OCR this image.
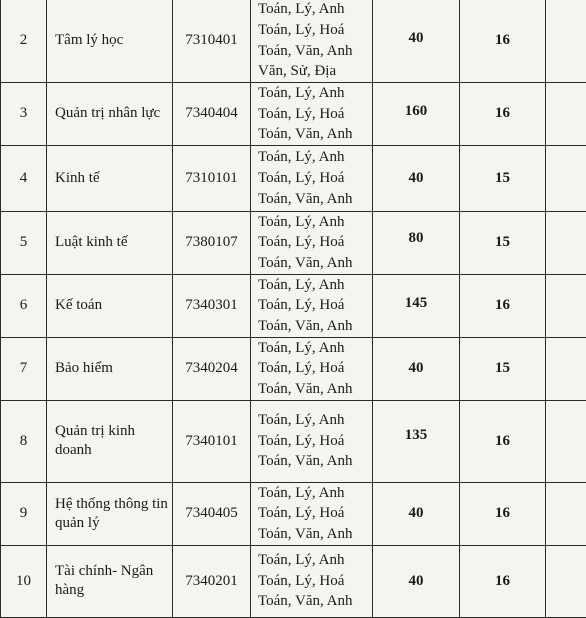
2	Tâm lý học	7310401	Toán, Lý, Anh
Toán, Lý, Hoá
Toán, Văn, Anh
Văn, Sử, Địa	40	16	
3	Quản trị nhân lực	7340404	Toán, Lý, Anh
Toán, Lý, Hoá
Toán, Văn, Anh	160	16	
4	Kinh tế	7310101	Toán, Lý, Anh
Toán, Lý, Hoá
Toán, Văn, Anh	40	15	
5	Luật kinh tế	7380107	Toán, Lý, Anh
Toán, Lý, Hoá
Toán, Văn, Anh	80	15	
6	Kế toán	7340301	Toán, Lý, Anh
Toán, Lý, Hoá
Toán, Văn, Anh	145	16	
7	Bảo hiểm	7340204	Toán, Lý, Anh
Toán, Lý, Hoá
Toán, Văn, Anh	40	15	
8	Quản trị kinh doanh	7340101	Toán, Lý, Anh
Toán, Lý, Hoá
Toán, Văn, Anh	135	16	
9	Hệ thống thông tin quản lý	7340405	Toán, Lý, Anh
Toán, Lý, Hoá
Toán, Văn, Anh	40	16	
10	Tài chính- Ngân hàng	7340201	Toán, Lý, Anh
Toán, Lý, Hoá
Toán, Văn, Anh	40	16	
